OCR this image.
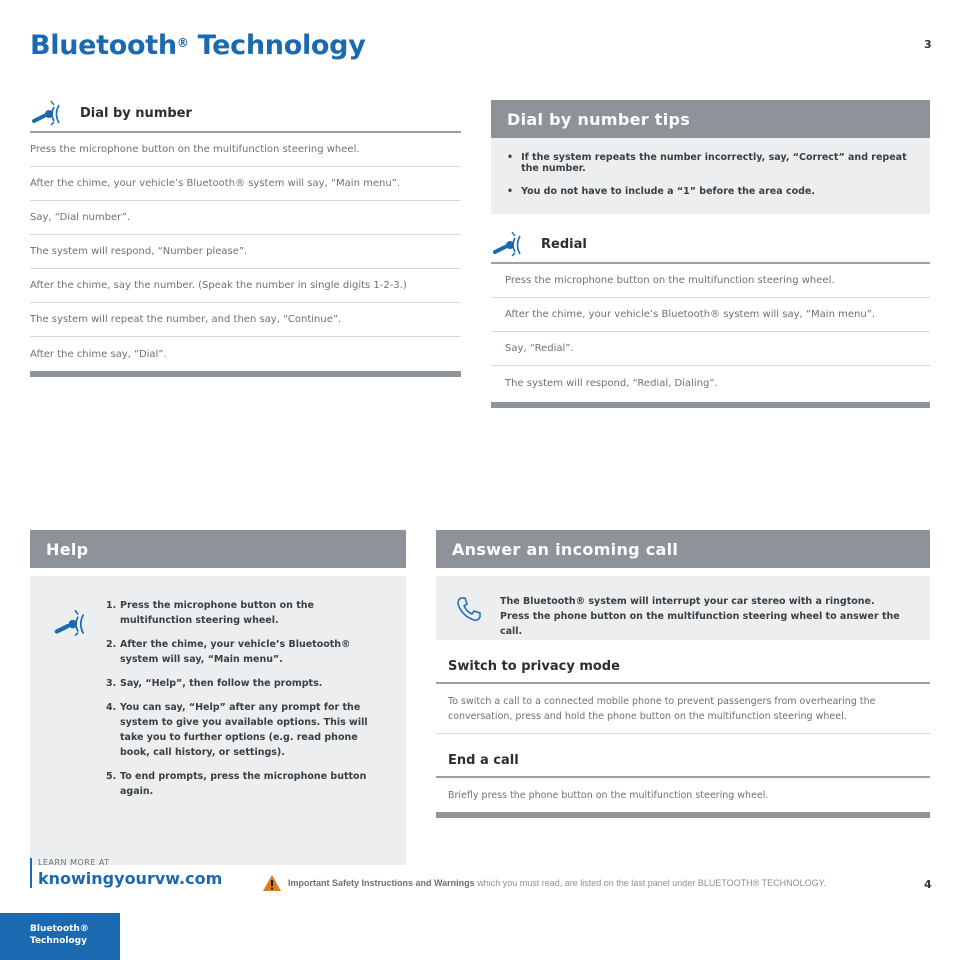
Bluetooth® Technology	3
Dial by number
Press the microphone button on the multifunction steering wheel.
After the chime, your vehicle’s Bluetooth® system will say, “Main menu”.
Say, “Dial number”.
The system will respond, “Number please”.
After the chime, say the number. (Speak the number in single digits 1-2-3.)
The system will repeat the number, and then say, “Continue”.
After the chime say, “Dial”.
Dial by number tips
• If the system repeats the number incorrectly, say, “Correct” and repeat the number.
• You do not have to include a “1” before the area code.
Redial
Press the microphone button on the multifunction steering wheel.
After the chime, your vehicle’s Bluetooth® system will say, “Main menu”.
Say, “Redial”.
The system will respond, “Redial, Dialing”.
Help
1. Press the microphone button on the multifunction steering wheel.
2. After the chime, your vehicle’s Bluetooth® system will say, “Main menu”.
3. Say, “Help”, then follow the prompts.
4. You can say, “Help” after any prompt for the system to give you available options. This will take you to further options (e.g. read phone book, call history, or settings).
5. To end prompts, press the microphone button again.
Answer an incoming call
The Bluetooth® system will interrupt your car stereo with a ringtone. Press the phone button on the multifunction steering wheel to answer the call.
Switch to privacy mode
To switch a call to a connected mobile phone to prevent passengers from overhearing the conversation, press and hold the phone button on the multifunction steering wheel.
End a call
Briefly press the phone button on the multifunction steering wheel.
LEARN MORE AT
knowingyourvw.com	Important Safety Instructions and Warnings which you must read, are listed on the last panel under BLUETOOTH® TECHNOLOGY.	4
Bluetooth®
Technology
